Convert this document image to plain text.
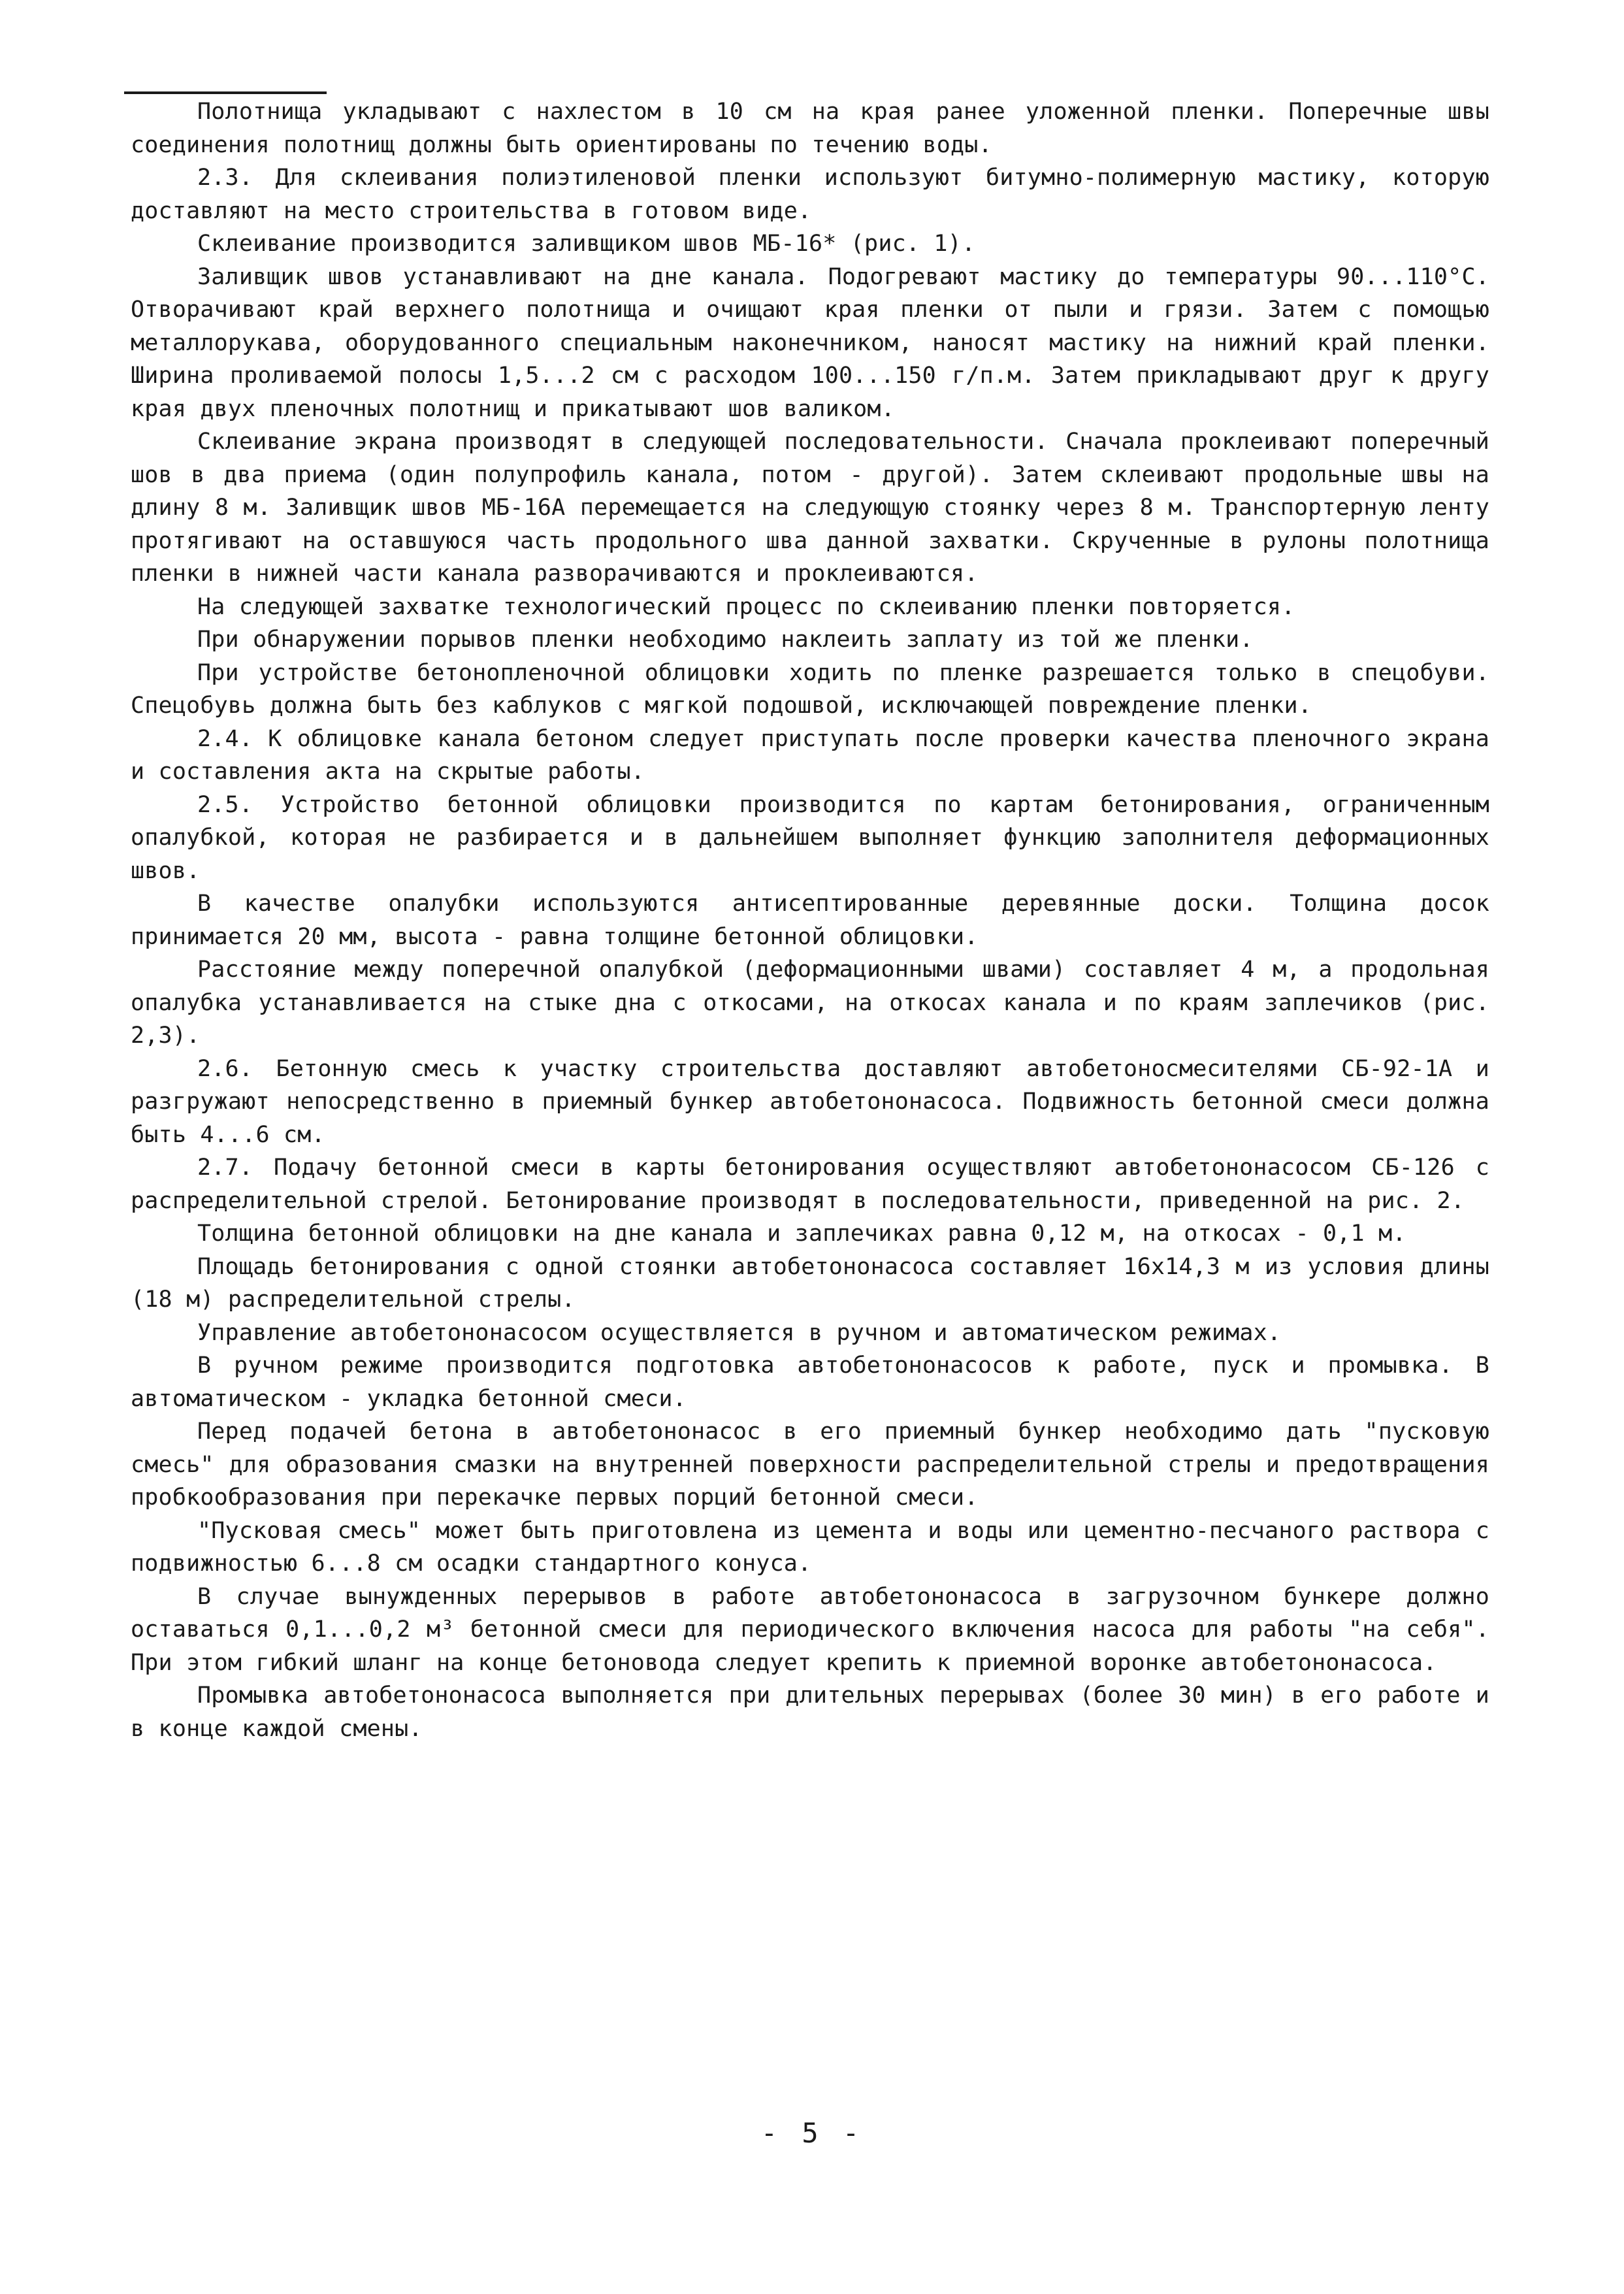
Полотнища укладывают с нахлестом в 10 см на края ранее уложенной пленки. Поперечные швы соединения полотнищ должны быть ориентированы по течению воды.

2.3. Для склеивания полиэтиленовой пленки используют битумно-полимерную мастику, которую доставляют на место строительства в готовом виде.

Склеивание производится заливщиком швов МБ-16* (рис. 1).

Заливщик швов устанавливают на дне канала. Подогревают мастику до температуры 90...110°С. Отворачивают край верхнего полотнища и очищают края пленки от пыли и грязи. Затем с помощью металлорукава, оборудованного специальным наконечником, наносят мастику на нижний край пленки. Ширина проливаемой полосы 1,5...2 см с расходом 100...150 г/п.м. Затем прикладывают друг к другу края двух пленочных полотнищ и прикатывают шов валиком.

Склеивание экрана производят в следующей последовательности. Сначала проклеивают поперечный шов в два приема (один полупрофиль канала, потом - другой). Затем склеивают продольные швы на длину 8 м. Заливщик швов МБ-16А перемещается на следующую стоянку через 8 м. Транспортерную ленту протягивают на оставшуюся часть продольного шва данной захватки. Скрученные в рулоны полотнища пленки в нижней части канала разворачиваются и проклеиваются.

На следующей захватке технологический процесс по склеиванию пленки повторяется.

При обнаружении порывов пленки необходимо наклеить заплату из той же пленки.

При устройстве бетонопленочной облицовки ходить по пленке разрешается только в спецобуви. Спецобувь должна быть без каблуков с мягкой подошвой, исключающей повреждение пленки.

2.4. К облицовке канала бетоном следует приступать после проверки качества пленочного экрана и составления акта на скрытые работы.

2.5. Устройство бетонной облицовки производится по картам бетонирования, ограниченным опалубкой, которая не разбирается и в дальнейшем выполняет функцию заполнителя деформационных швов.

В качестве опалубки используются антисептированные деревянные доски. Толщина досок принимается 20 мм, высота - равна толщине бетонной облицовки.

Расстояние между поперечной опалубкой (деформационными швами) составляет 4 м, а продольная опалубка устанавливается на стыке дна с откосами, на откосах канала и по краям заплечиков (рис. 2,3).

2.6. Бетонную смесь к участку строительства доставляют автобетоносмесителями СБ-92-1А и разгружают непосредственно в приемный бункер автобетононасоса. Подвижность бетонной смеси должна быть 4...6 см.

2.7. Подачу бетонной смеси в карты бетонирования осуществляют автобетононасосом СБ-126 с распределительной стрелой. Бетонирование производят в последовательности, приведенной на рис. 2.

Толщина бетонной облицовки на дне канала и заплечиках равна 0,12 м, на откосах - 0,1 м.

Площадь бетонирования с одной стоянки автобетононасоса составляет 16х14,3 м из условия длины (18 м) распределительной стрелы.

Управление автобетононасосом осуществляется в ручном и автоматическом режимах.

В ручном режиме производится подготовка автобетононасосов к работе, пуск и промывка. В автоматическом - укладка бетонной смеси.

Перед подачей бетона в автобетононасос в его приемный бункер необходимо дать "пусковую смесь" для образования смазки на внутренней поверхности распределительной стрелы и предотвращения пробкообразования при перекачке первых порций бетонной смеси.

"Пусковая смесь" может быть приготовлена из цемента и воды или цементно-песчаного раствора с подвижностью 6...8 см осадки стандартного конуса.

В случае вынужденных перерывов в работе автобетононасоса в загрузочном бункере должно оставаться 0,1...0,2 м³ бетонной смеси для периодического включения насоса для работы "на себя". При этом гибкий шланг на конце бетоновода следует крепить к приемной воронке автобетононасоса.

Промывка автобетононасоса выполняется при длительных перерывах (более 30 мин) в его работе и в конце каждой смены.

- 5 -
